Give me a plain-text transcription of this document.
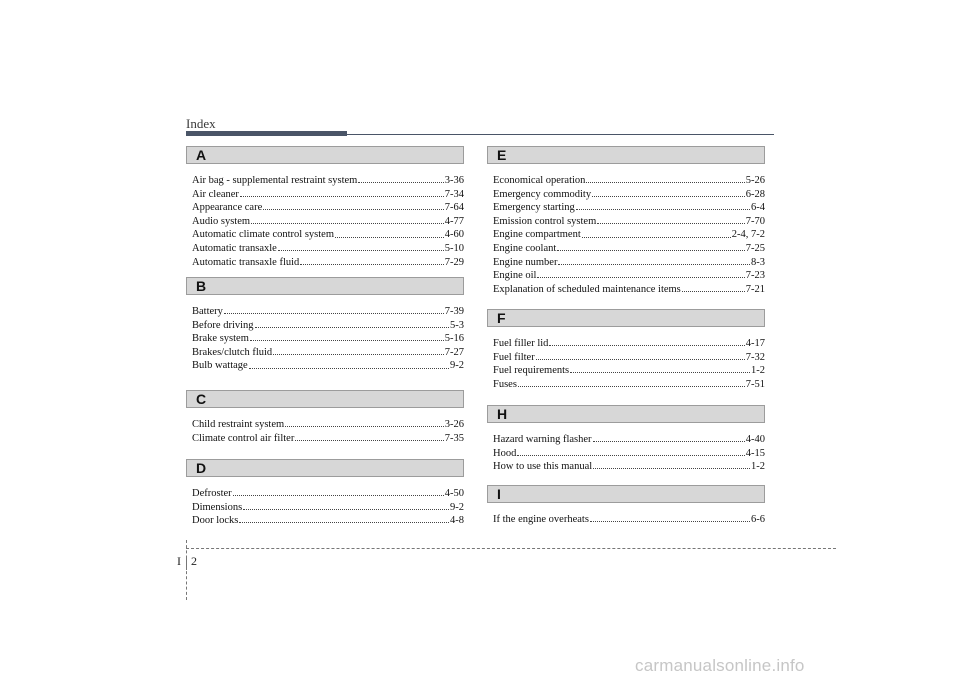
Index
A
Air bag - supplemental restraint system	3-36
Air cleaner	7-34
Appearance care	7-64
Audio system	4-77
Automatic climate control system	4-60
Automatic transaxle	5-10
Automatic transaxle fluid	7-29
B
Battery	7-39
Before driving	5-3
Brake system	5-16
Brakes/clutch fluid	7-27
Bulb wattage	9-2
C
Child restraint system	3-26
Climate control air filter	7-35
D
Defroster	4-50
Dimensions	9-2
Door locks	4-8
E
Economical operation	5-26
Emergency commodity	6-28
Emergency starting	6-4
Emission control system	7-70
Engine compartment	2-4, 7-2
Engine coolant	7-25
Engine number	8-3
Engine oil	7-23
Explanation of scheduled maintenance items	7-21
F
Fuel filler lid	4-17
Fuel filter	7-32
Fuel requirements	1-2
Fuses	7-51
H
Hazard warning flasher	4-40
Hood	4-15
How to use this manual	1-2
I
If the engine overheats	6-6
I 2
carmanualsonline.info
